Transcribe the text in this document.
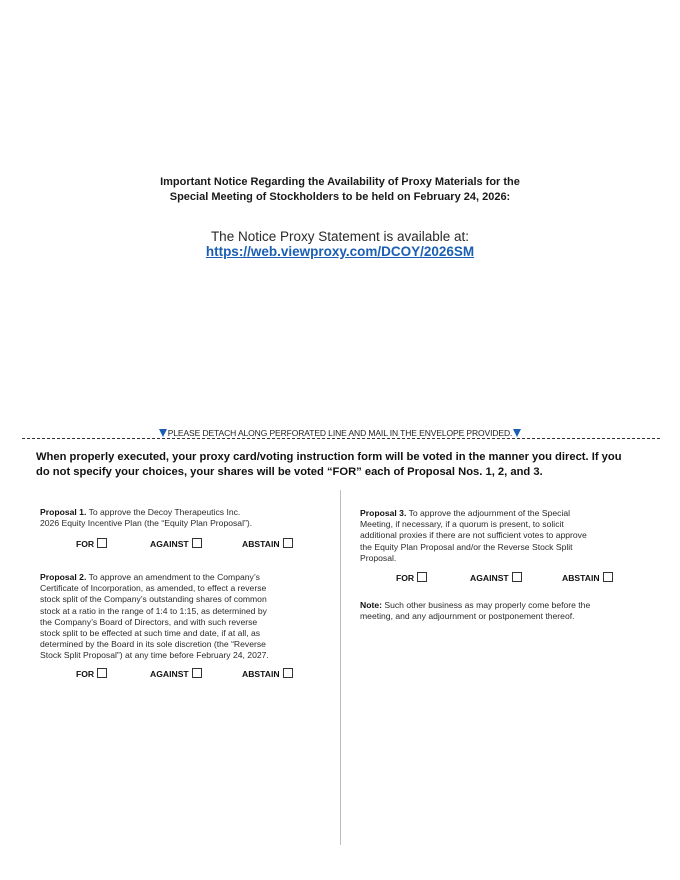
Important Notice Regarding the Availability of Proxy Materials for the
Special Meeting of Stockholders to be held on February 24, 2026:
The Notice Proxy Statement is available at:
https://web.viewproxy.com/DCOY/2026SM
PLEASE DETACH ALONG PERFORATED LINE AND MAIL IN THE ENVELOPE PROVIDED.
When properly executed, your proxy card/voting instruction form will be voted in the manner you direct. If you
do not specify your choices, your shares will be voted “FOR” each of Proposal Nos. 1, 2, and 3.
Proposal 1. To approve the Decoy Therapeutics Inc.
2026 Equity Incentive Plan (the “Equity Plan Proposal”).
FOR	AGAINST	ABSTAIN
Proposal 2. To approve an amendment to the Company’s
Certificate of Incorporation, as amended, to effect a reverse
stock split of the Company’s outstanding shares of common
stock at a ratio in the range of 1:4 to 1:15, as determined by
the Company’s Board of Directors, and with such reverse
stock split to be effected at such time and date, if at all, as
determined by the Board in its sole discretion (the “Reverse
Stock Split Proposal”) at any time before February 24, 2027.
FOR	AGAINST	ABSTAIN
Proposal 3. To approve the adjournment of the Special
Meeting, if necessary, if a quorum is present, to solicit
additional proxies if there are not sufficient votes to approve
the Equity Plan Proposal and/or the Reverse Stock Split
Proposal.
FOR	AGAINST	ABSTAIN
Note: Such other business as may properly come before the
meeting, and any adjournment or postponement thereof.
